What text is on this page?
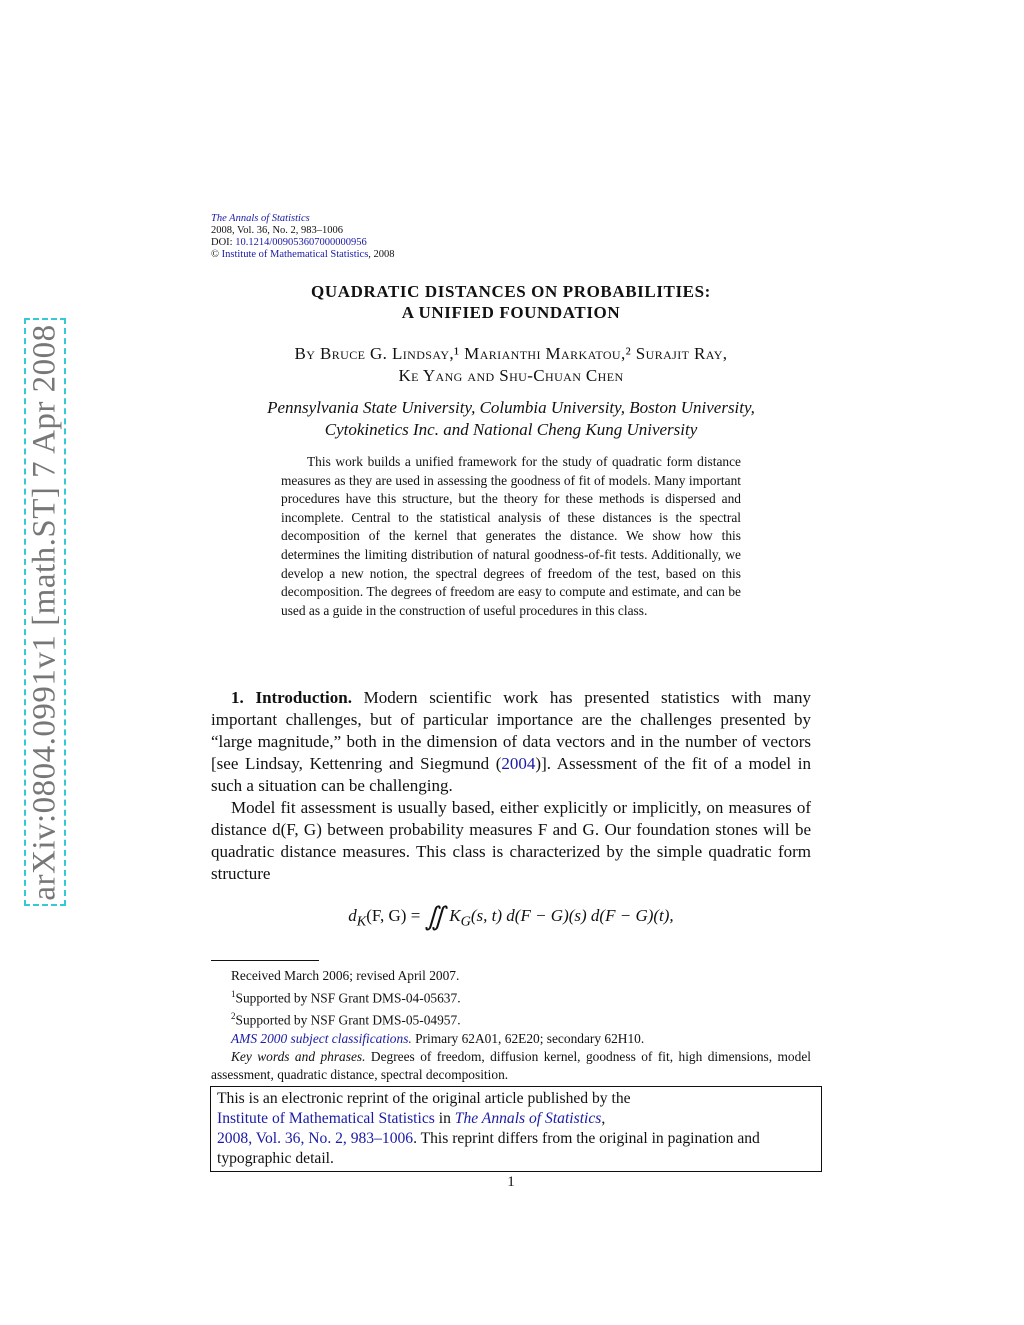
arXiv:0804.0991v1 [math.ST] 7 Apr 2008
The Annals of Statistics
2008, Vol. 36, No. 2, 983–1006
DOI: 10.1214/009053607000000956
© Institute of Mathematical Statistics, 2008
QUADRATIC DISTANCES ON PROBABILITIES:
A UNIFIED FOUNDATION
By Bruce G. Lindsay,¹ Marianthi Markatou,² Surajit Ray,
Ke Yang and Shu-Chuan Chen
Pennsylvania State University, Columbia University, Boston University,
Cytokinetics Inc. and National Cheng Kung University
This work builds a unified framework for the study of quadratic form distance measures as they are used in assessing the goodness of fit of models. Many important procedures have this structure, but the theory for these methods is dispersed and incomplete. Central to the statistical analysis of these distances is the spectral decomposition of the kernel that generates the distance. We show how this determines the limiting distribution of natural goodness-of-fit tests. Additionally, we develop a new notion, the spectral degrees of freedom of the test, based on this decomposition. The degrees of freedom are easy to compute and estimate, and can be used as a guide in the construction of useful procedures in this class.
1. Introduction. Modern scientific work has presented statistics with many important challenges, but of particular importance are the challenges presented by “large magnitude,” both in the dimension of data vectors and in the number of vectors [see Lindsay, Kettenring and Siegmund (2004)]. Assessment of the fit of a model in such a situation can be challenging.
Model fit assessment is usually based, either explicitly or implicitly, on measures of distance d(F, G) between probability measures F and G. Our foundation stones will be quadratic distance measures. This class is characterized by the simple quadratic form structure
$d_K(F$, G) = ∬ $K_G(s$, t) d(F − G)(s) d(F − G)(t),
Received March 2006; revised April 2007.
$^1$Supported by NSF Grant DMS-04-05637.
$^2$Supported by NSF Grant DMS-05-04957.
AMS 2000 subject classifications. Primary 62A01, 62E20; secondary 62H10.
Key words and phrases. Degrees of freedom, diffusion kernel, goodness of fit, high dimensions, model assessment, quadratic distance, spectral decomposition.
This is an electronic reprint of the original article published by the
Institute of Mathematical Statistics in The Annals of Statistics,
2008, Vol. 36, No. 2, 983–1006. This reprint differs from the original in pagination and typographic detail.
1
